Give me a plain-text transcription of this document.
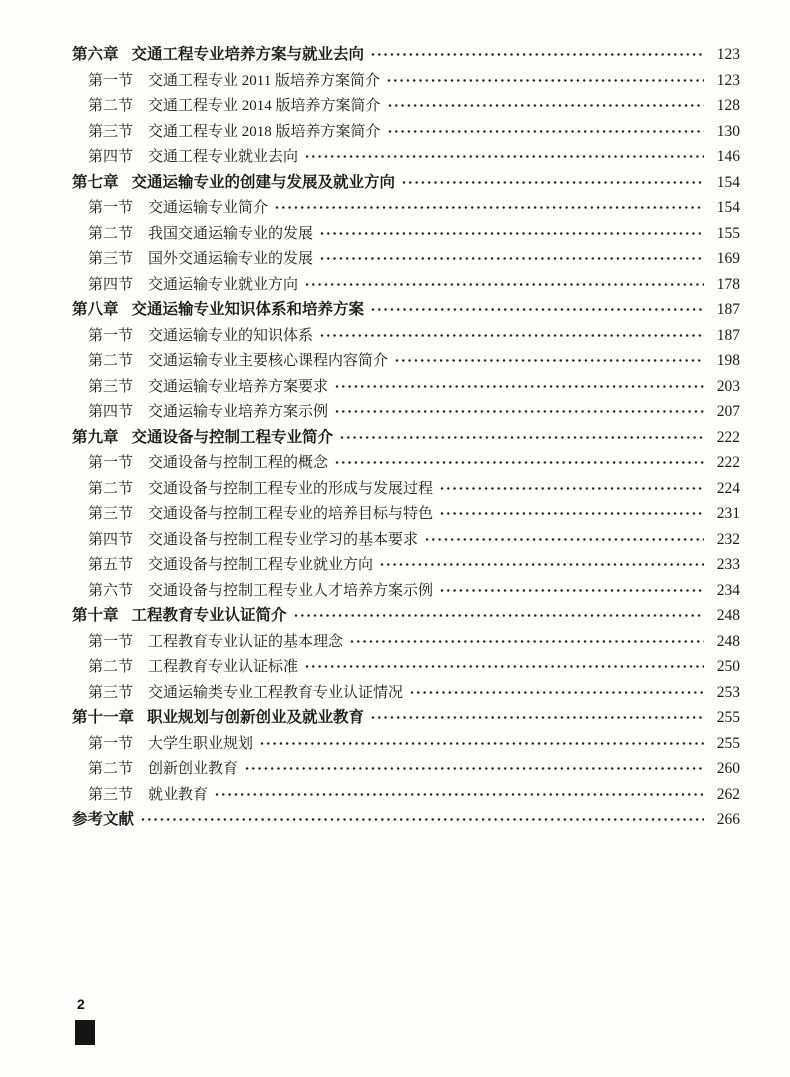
第六章 交通工程专业培养方案与就业去向	123
第一节 交通工程专业 2011 版培养方案简介	123
第二节 交通工程专业 2014 版培养方案简介	128
第三节 交通工程专业 2018 版培养方案简介	130
第四节 交通工程专业就业去向	146
第七章 交通运输专业的创建与发展及就业方向	154
第一节 交通运输专业简介	154
第二节 我国交通运输专业的发展	155
第三节 国外交通运输专业的发展	169
第四节 交通运输专业就业方向	178
第八章 交通运输专业知识体系和培养方案	187
第一节 交通运输专业的知识体系	187
第二节 交通运输专业主要核心课程内容简介	198
第三节 交通运输专业培养方案要求	203
第四节 交通运输专业培养方案示例	207
第九章 交通设备与控制工程专业简介	222
第一节 交通设备与控制工程的概念	222
第二节 交通设备与控制工程专业的形成与发展过程	224
第三节 交通设备与控制工程专业的培养目标与特色	231
第四节 交通设备与控制工程专业学习的基本要求	232
第五节 交通设备与控制工程专业就业方向	233
第六节 交通设备与控制工程专业人才培养方案示例	234
第十章 工程教育专业认证简介	248
第一节 工程教育专业认证的基本理念	248
第二节 工程教育专业认证标准	250
第三节 交通运输类专业工程教育专业认证情况	253
第十一章 职业规划与创新创业及就业教育	255
第一节 大学生职业规划	255
第二节 创新创业教育	260
第三节 就业教育	262
参考文献	266
2
